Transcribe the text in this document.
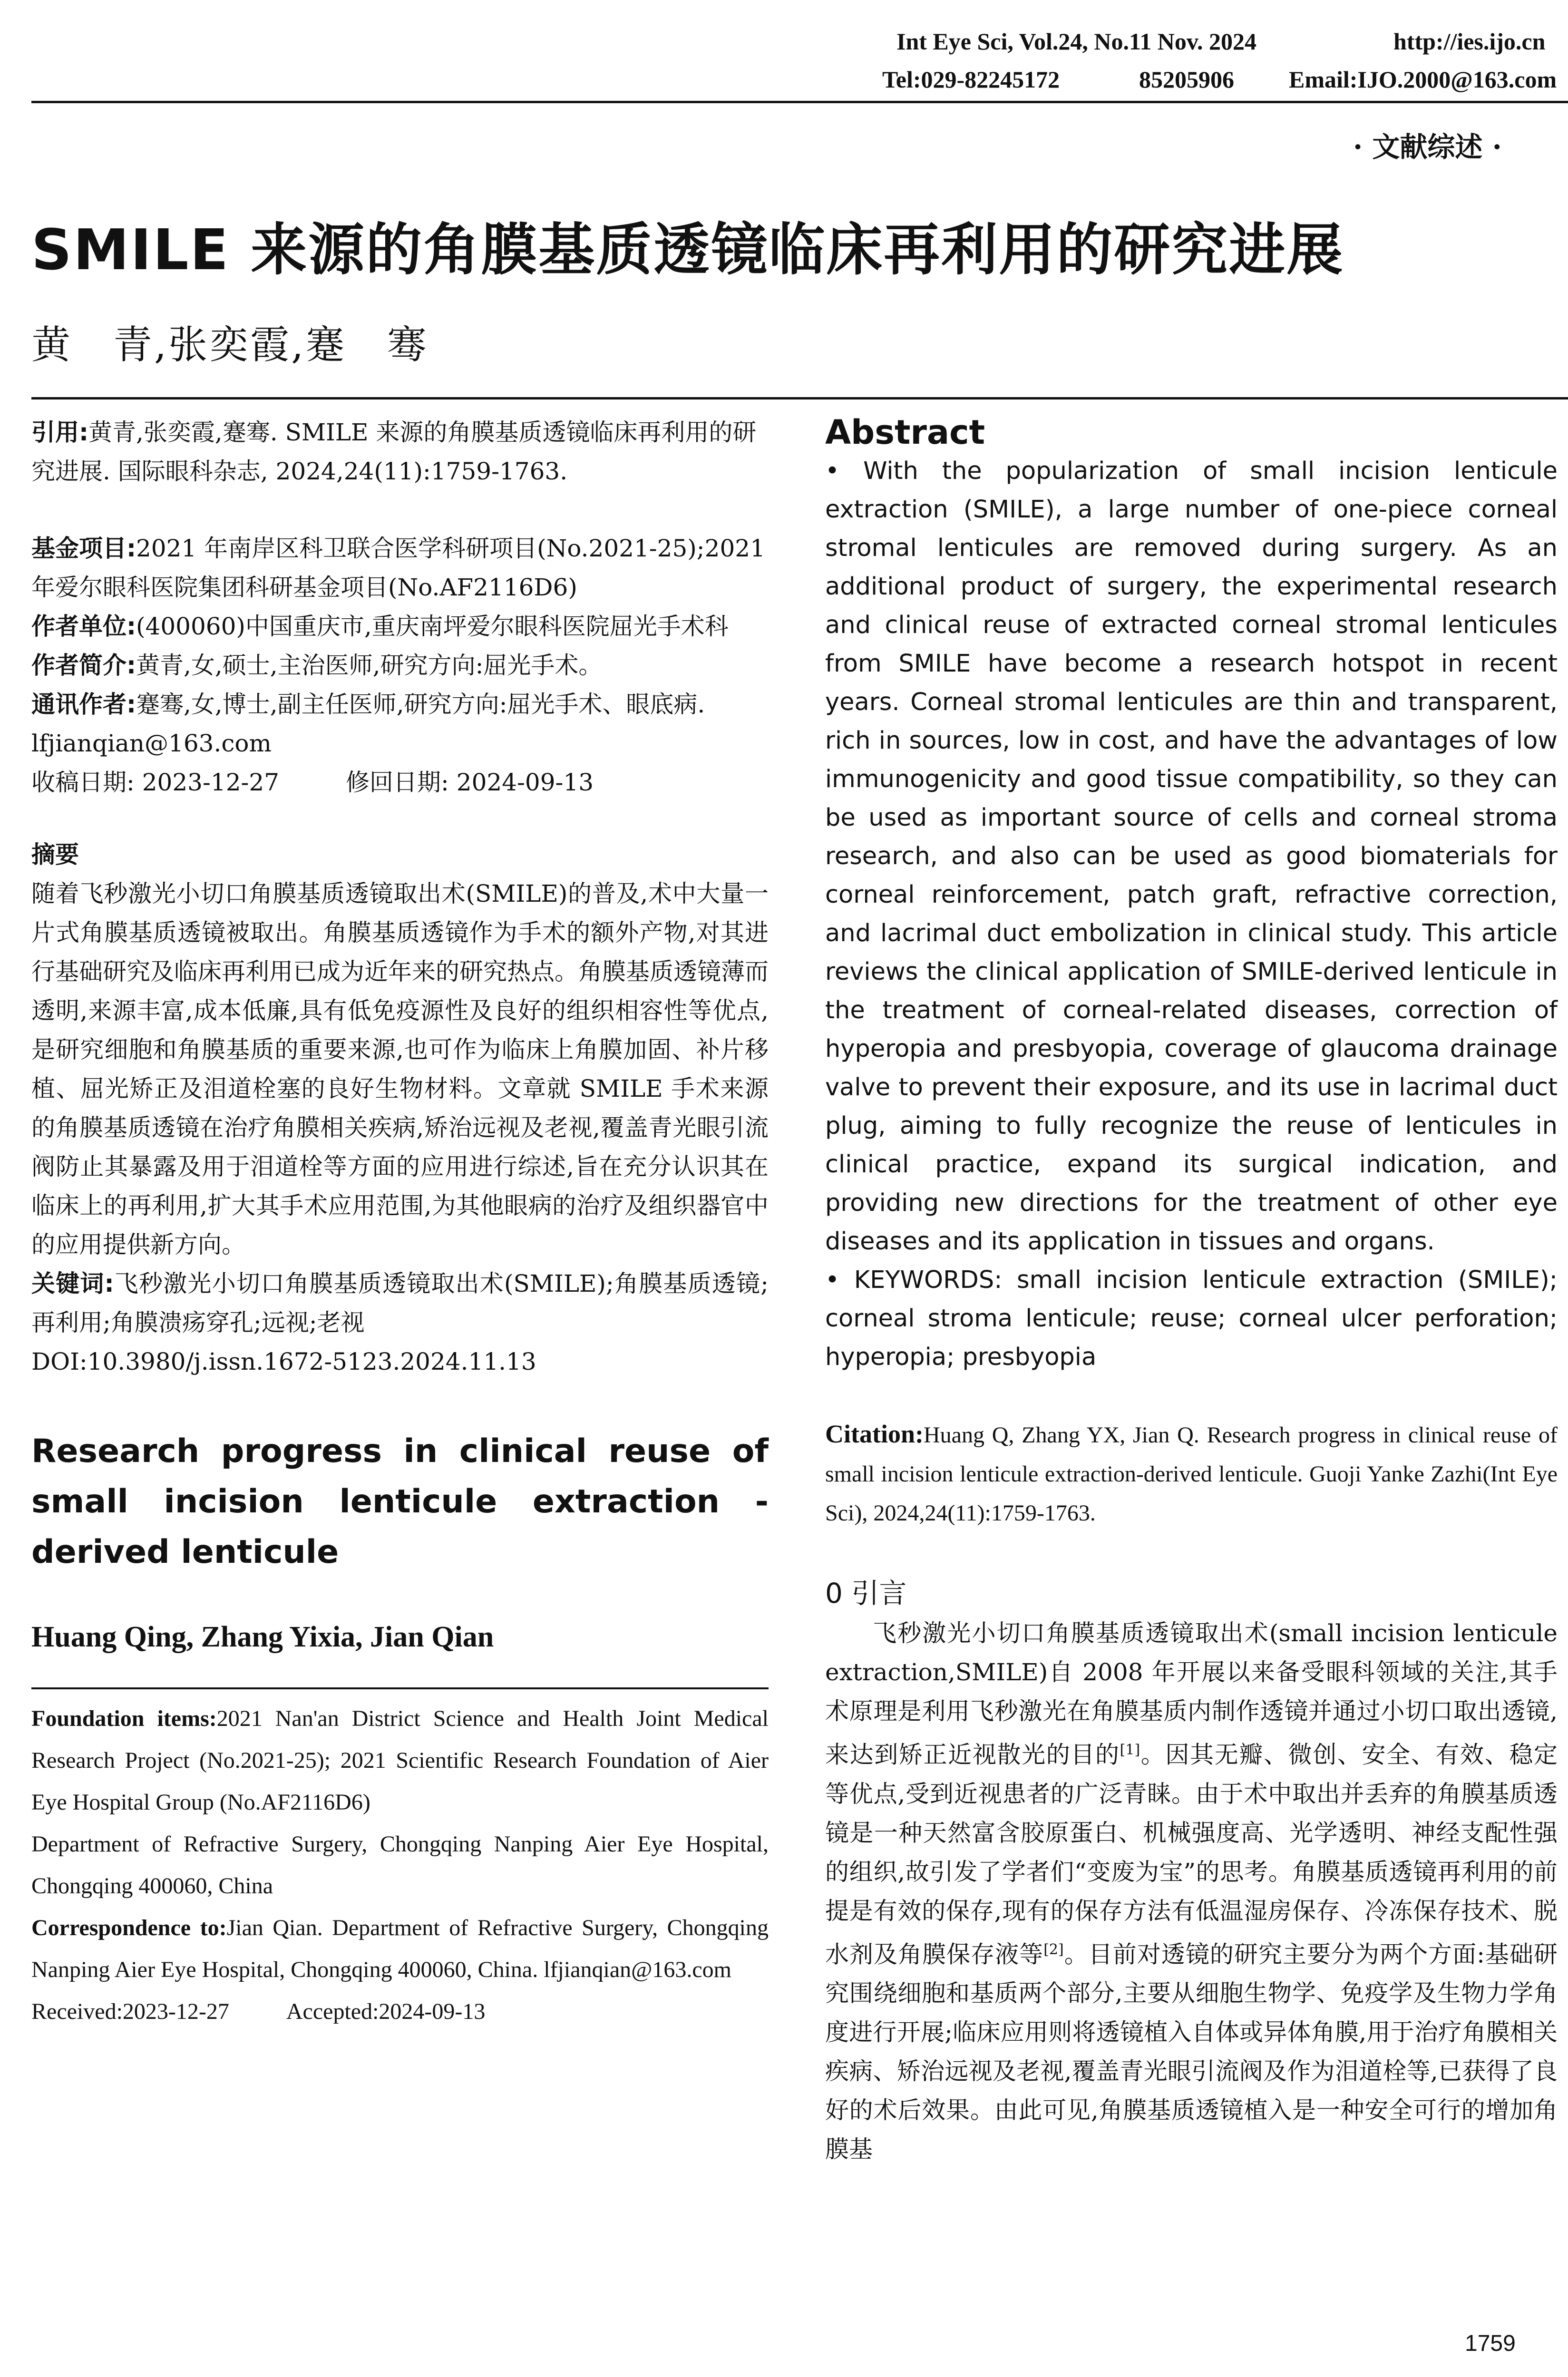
Int Eye Sci, Vol.24, No.11 Nov. 2024	http://ies.ijo.cn
Tel:029-82245172	85205906 Email:IJO.2000@163.com
· 文献综述 ·
SMILE 来源的角膜基质透镜临床再利用的研究进展
黄　青,张奕霞,蹇　骞

引用:黄青,张奕霞,蹇骞. SMILE 来源的角膜基质透镜临床再利用的研究进展. 国际眼科杂志, 2024,24(11):1759-1763.

基金项目:2021 年南岸区科卫联合医学科研项目(No.2021-25);2021 年爱尔眼科医院集团科研基金项目(No.AF2116D6)

作者单位:(400060)中国重庆市,重庆南坪爱尔眼科医院屈光手术科

作者简介:黄青,女,硕士,主治医师,研究方向:屈光手术。

通讯作者:蹇骞,女,博士,副主任医师,研究方向:屈光手术、眼底病. lfjianqian@163.com

收稿日期: 2023-12-27	修回日期: 2024-09-13

摘要

随着飞秒激光小切口角膜基质透镜取出术(SMILE)的普及,术中大量一片式角膜基质透镜被取出。角膜基质透镜作为手术的额外产物,对其进行基础研究及临床再利用已成为近年来的研究热点。角膜基质透镜薄而透明,来源丰富,成本低廉,具有低免疫源性及良好的组织相容性等优点,是研究细胞和角膜基质的重要来源,也可作为临床上角膜加固、补片移植、屈光矫正及泪道栓塞的良好生物材料。文章就 SMILE 手术来源的角膜基质透镜在治疗角膜相关疾病,矫治远视及老视,覆盖青光眼引流阀防止其暴露及用于泪道栓等方面的应用进行综述,旨在充分认识其在临床上的再利用,扩大其手术应用范围,为其他眼病的治疗及组织器官中的应用提供新方向。

关键词:飞秒激光小切口角膜基质透镜取出术(SMILE);角膜基质透镜;再利用;角膜溃疡穿孔;远视;老视

DOI:10.3980/j.issn.1672-5123.2024.11.13

Research progress in clinical reuse of small incision lenticule extraction - derived lenticule

Huang Qing, Zhang Yixia, Jian Qian

Foundation items:2021 Nan'an District Science and Health Joint Medical Research Project (No.2021-25); 2021 Scientific Research Foundation of Aier Eye Hospital Group (No.AF2116D6)

Department of Refractive Surgery, Chongqing Nanping Aier Eye Hospital, Chongqing 400060, China

Correspondence to:Jian Qian. Department of Refractive Surgery, Chongqing Nanping Aier Eye Hospital, Chongqing 400060, China. lfjianqian@163.com

Received:2023-12-27	Accepted:2024-09-13

Abstract

• With the popularization of small incision lenticule extraction (SMILE), a large number of one-piece corneal stromal lenticules are removed during surgery. As an additional product of surgery, the experimental research and clinical reuse of extracted corneal stromal lenticules from SMILE have become a research hotspot in recent years. Corneal stromal lenticules are thin and transparent, rich in sources, low in cost, and have the advantages of low immunogenicity and good tissue compatibility, so they can be used as important source of cells and corneal stroma research, and also can be used as good biomaterials for corneal reinforcement, patch graft, refractive correction, and lacrimal duct embolization in clinical study. This article reviews the clinical application of SMILE-derived lenticule in the treatment of corneal-related diseases, correction of hyperopia and presbyopia, coverage of glaucoma drainage valve to prevent their exposure, and its use in lacrimal duct plug, aiming to fully recognize the reuse of lenticules in clinical practice, expand its surgical indication, and providing new directions for the treatment of other eye diseases and its application in tissues and organs.

• KEYWORDS: small incision lenticule extraction (SMILE); corneal stroma lenticule; reuse; corneal ulcer perforation; hyperopia; presbyopia

Citation:Huang Q, Zhang YX, Jian Q. Research progress in clinical reuse of small incision lenticule extraction-derived lenticule. Guoji Yanke Zazhi(Int Eye Sci), 2024,24(11):1759-1763.

0 引言

飞秒激光小切口角膜基质透镜取出术(small incision lenticule extraction,SMILE)自 2008 年开展以来备受眼科领域的关注,其手术原理是利用飞秒激光在角膜基质内制作透镜并通过小切口取出透镜,来达到矫正近视散光的目的[1]。因其无瓣、微创、安全、有效、稳定等优点,受到近视患者的广泛青睐。由于术中取出并丢弃的角膜基质透镜是一种天然富含胶原蛋白、机械强度高、光学透明、神经支配性强的组织,故引发了学者们“变废为宝”的思考。角膜基质透镜再利用的前提是有效的保存,现有的保存方法有低温湿房保存、冷冻保存技术、脱水剂及角膜保存液等[2]。目前对透镜的研究主要分为两个方面:基础研究围绕细胞和基质两个部分,主要从细胞生物学、免疫学及生物力学角度进行开展;临床应用则将透镜植入自体或异体角膜,用于治疗角膜相关疾病、矫治远视及老视,覆盖青光眼引流阀及作为泪道栓等,已获得了良好的术后效果。由此可见,角膜基质透镜植入是一种安全可行的增加角膜基

1759
